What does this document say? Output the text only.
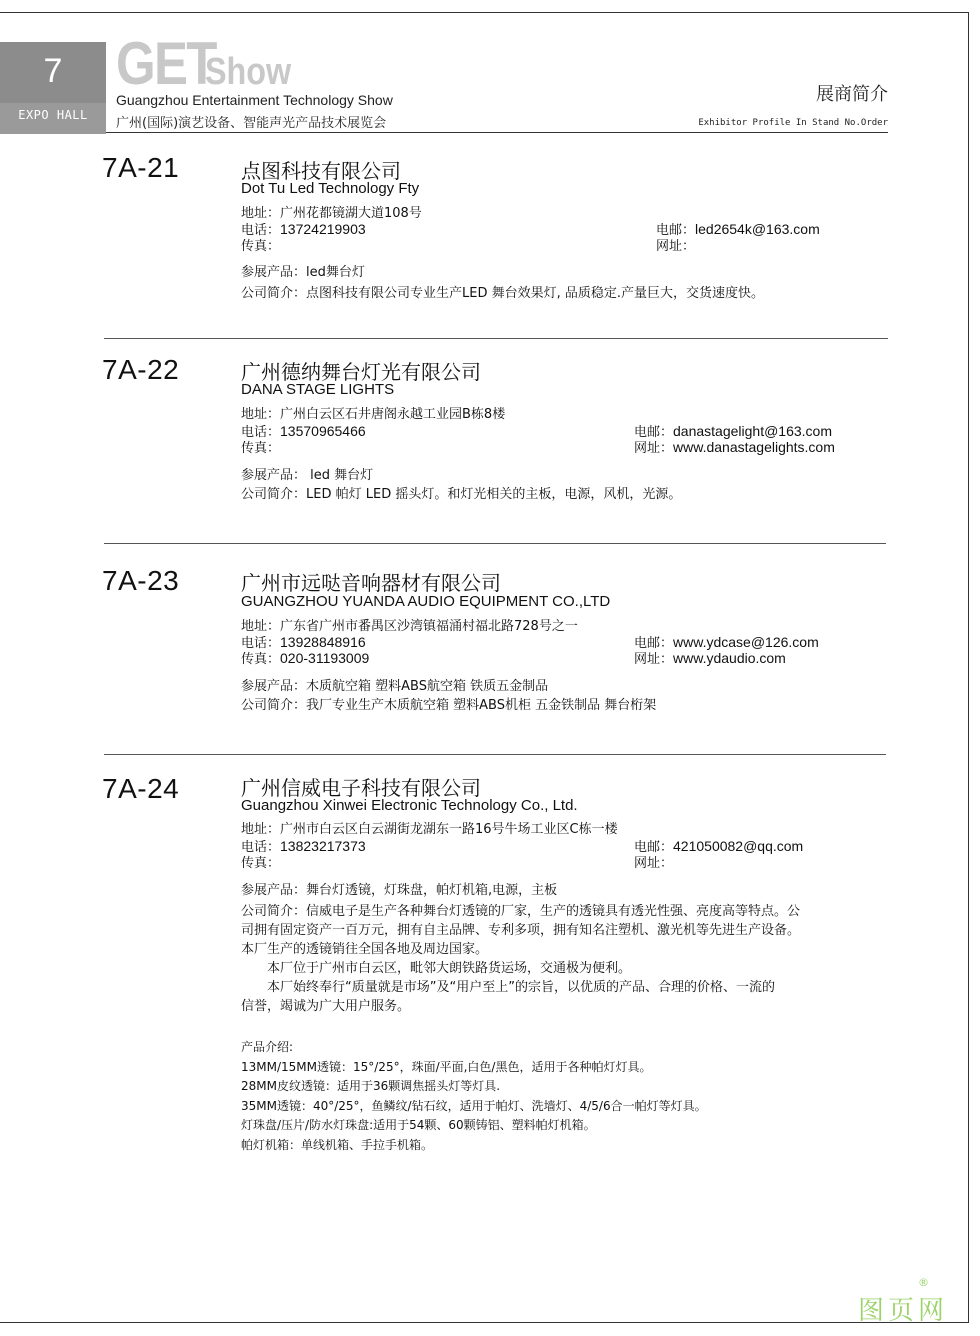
7
EXPO HALL
GET
Show
Guangzhou Entertainment Technology Show
广州(国际)演艺设备、智能声光产品技术展览会
展商简介
Exhibitor Profile In Stand No.Order
7A-21	点图科技有限公司
Dot Tu Led Technology Fty
地址：广州花都镜湖大道108号
电话：13724219903
传真：
电邮：led2654k@163.com
网址：
参展产品：led舞台灯
公司简介：点图科技有限公司专业生产LED 舞台效果灯, 品质稳定.产量巨大，交货速度快。
7A-22	广州德纳舞台灯光有限公司
DANA STAGE LIGHTS
地址：广州白云区石井唐阁永越工业园B栋8楼
电话：13570965466
传真：
电邮：danastagelight@163.com
网址：www.danastagelights.com
参展产品： led 舞台灯
公司简介：LED 帕灯 LED 摇头灯。和灯光相关的主板，电源，风机，光源。
7A-23	广州市远哒音响器材有限公司
GUANGZHOU YUANDA AUDIO EQUIPMENT CO.,LTD
地址：广东省广州市番禺区沙湾镇福涌村福北路728号之一
电话：13928848916
传真：020-31193009
电邮：www.ydcase@126.com
网址：www.ydaudio.com
参展产品：木质航空箱 塑料ABS航空箱 铁质五金制品
公司简介：我厂专业生产木质航空箱 塑料ABS机柜 五金铁制品 舞台桁架
7A-24	广州信威电子科技有限公司
Guangzhou Xinwei Electronic Technology Co., Ltd.
地址：广州市白云区白云湖街龙湖东一路16号牛场工业区C栋一楼
电话：13823217373
传真：
电邮：421050082@qq.com
网址：
参展产品：舞台灯透镜，灯珠盘，帕灯机箱,电源，主板
公司简介：信威电子是生产各种舞台灯透镜的厂家，生产的透镜具有透光性强、亮度高等特点。公
司拥有固定资产一百万元，拥有自主品牌、专利多项，拥有知名注塑机、激光机等先进生产设备。
本厂生产的透镜销往全国各地及周边国家。
　　本厂位于广州市白云区，毗邻大朗铁路货运场，交通极为便利。
　　本厂始终奉行“质量就是市场”及“用户至上”的宗旨，以优质的产品、合理的价格、一流的
信誉，竭诚为广大用户服务。
产品介绍:
13MM/15MM透镜：15°/25°，珠面/平面,白色/黑色，适用于各种帕灯灯具。
28MM皮纹透镜：适用于36颗调焦摇头灯等灯具.
35MM透镜：40°/25°，鱼鳞纹/钻石纹，适用于帕灯、洗墙灯、4/5/6合一帕灯等灯具。
灯珠盘/压片/防水灯珠盘:适用于54颗、60颗铸铝、塑料帕灯机箱。
帕灯机箱：单线机箱、手拉手机箱。
图页网
®
